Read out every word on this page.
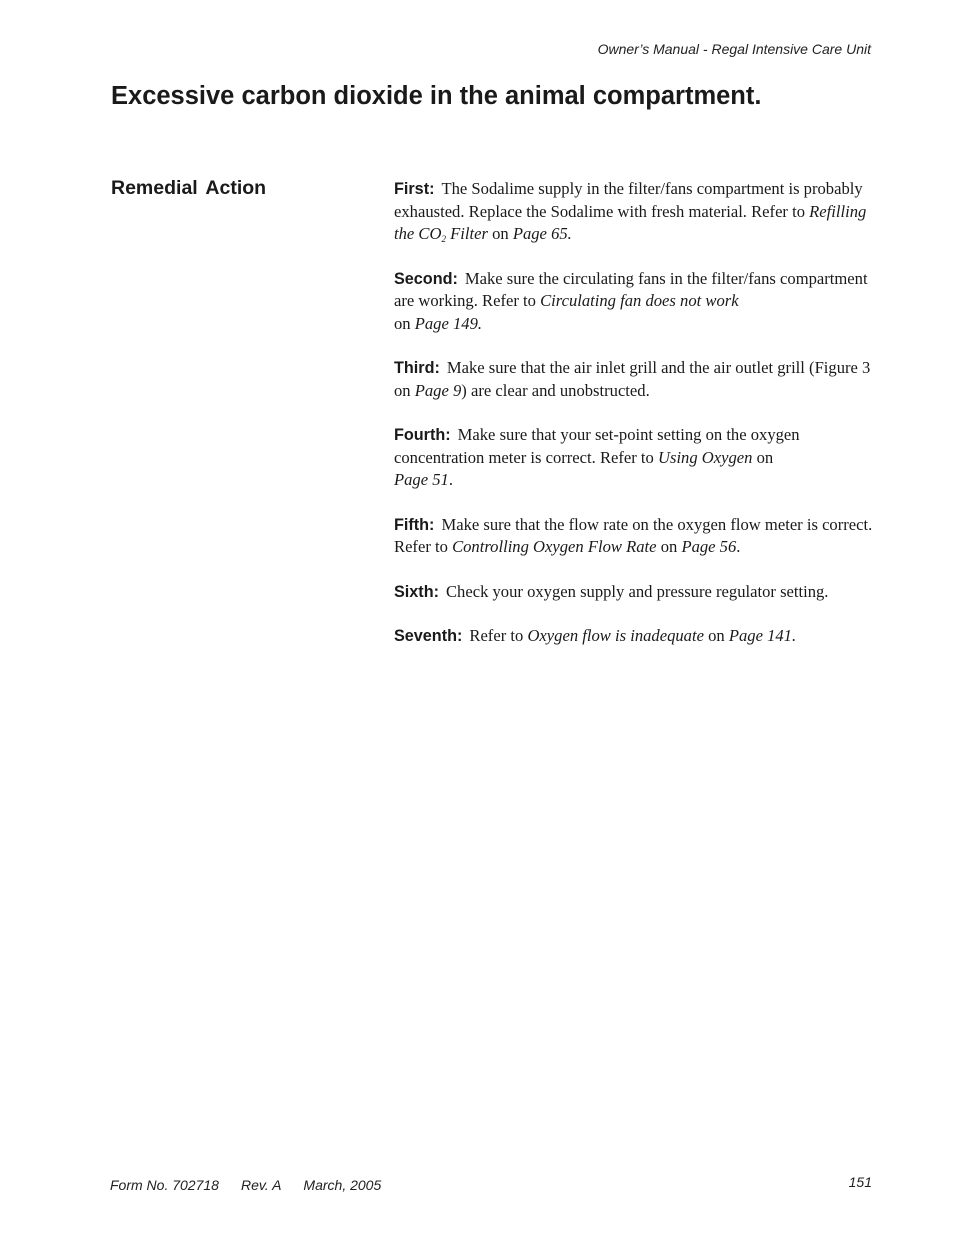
Owner’s Manual - Regal Intensive Care Unit
Excessive carbon dioxide in the animal compartment.
Remedial Action	First: The Sodalime supply in the filter/fans compartment is probably exhausted. Replace the Sodalime with fresh material. Refer to Refilling the $CO_2$ Filter on Page 65.

Second: Make sure the circulating fans in the filter/fans compartment are working. Refer to Circulating fan does not work
on Page 149.

Third: Make sure that the air inlet grill and the air outlet grill (Figure 3 on Page 9) are clear and unobstructed.

Fourth: Make sure that your set-point setting on the oxygen concentration meter is correct. Refer to Using Oxygen on
Page 51.

Fifth: Make sure that the flow rate on the oxygen flow meter is correct. Refer to Controlling Oxygen Flow Rate on Page 56.

Sixth: Check your oxygen supply and pressure regulator setting.

Seventh: Refer to Oxygen flow is inadequate on Page 141.

Form No. 702718 Rev. A March, 2005	151
